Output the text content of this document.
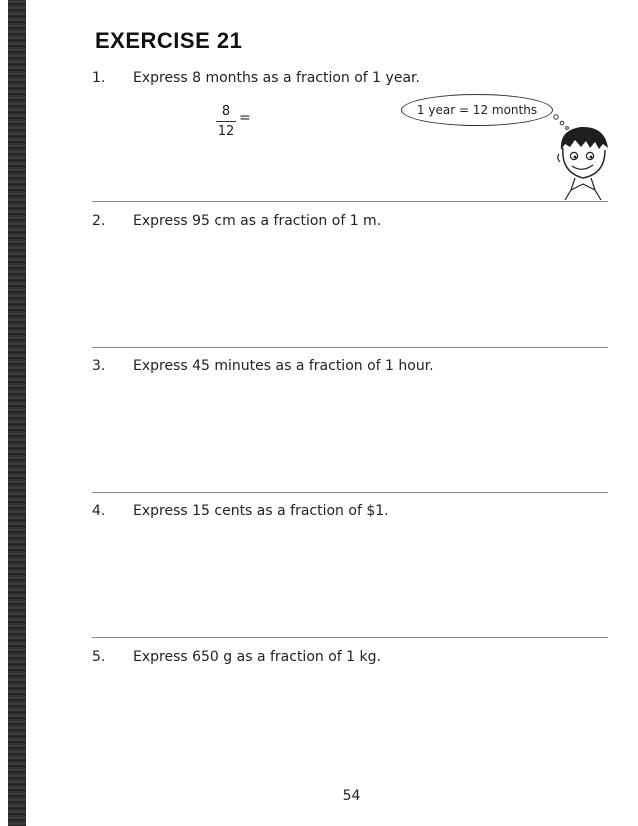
EXERCISE 21
1. Express 8 months as a fraction of 1 year.
8
12
=	1 year = 12 months
2. Express 95 cm as a fraction of 1 m.
3. Express 45 minutes as a fraction of 1 hour.
4. Express 15 cents as a fraction of $1.
5. Express 650 g as a fraction of 1 kg.
54
